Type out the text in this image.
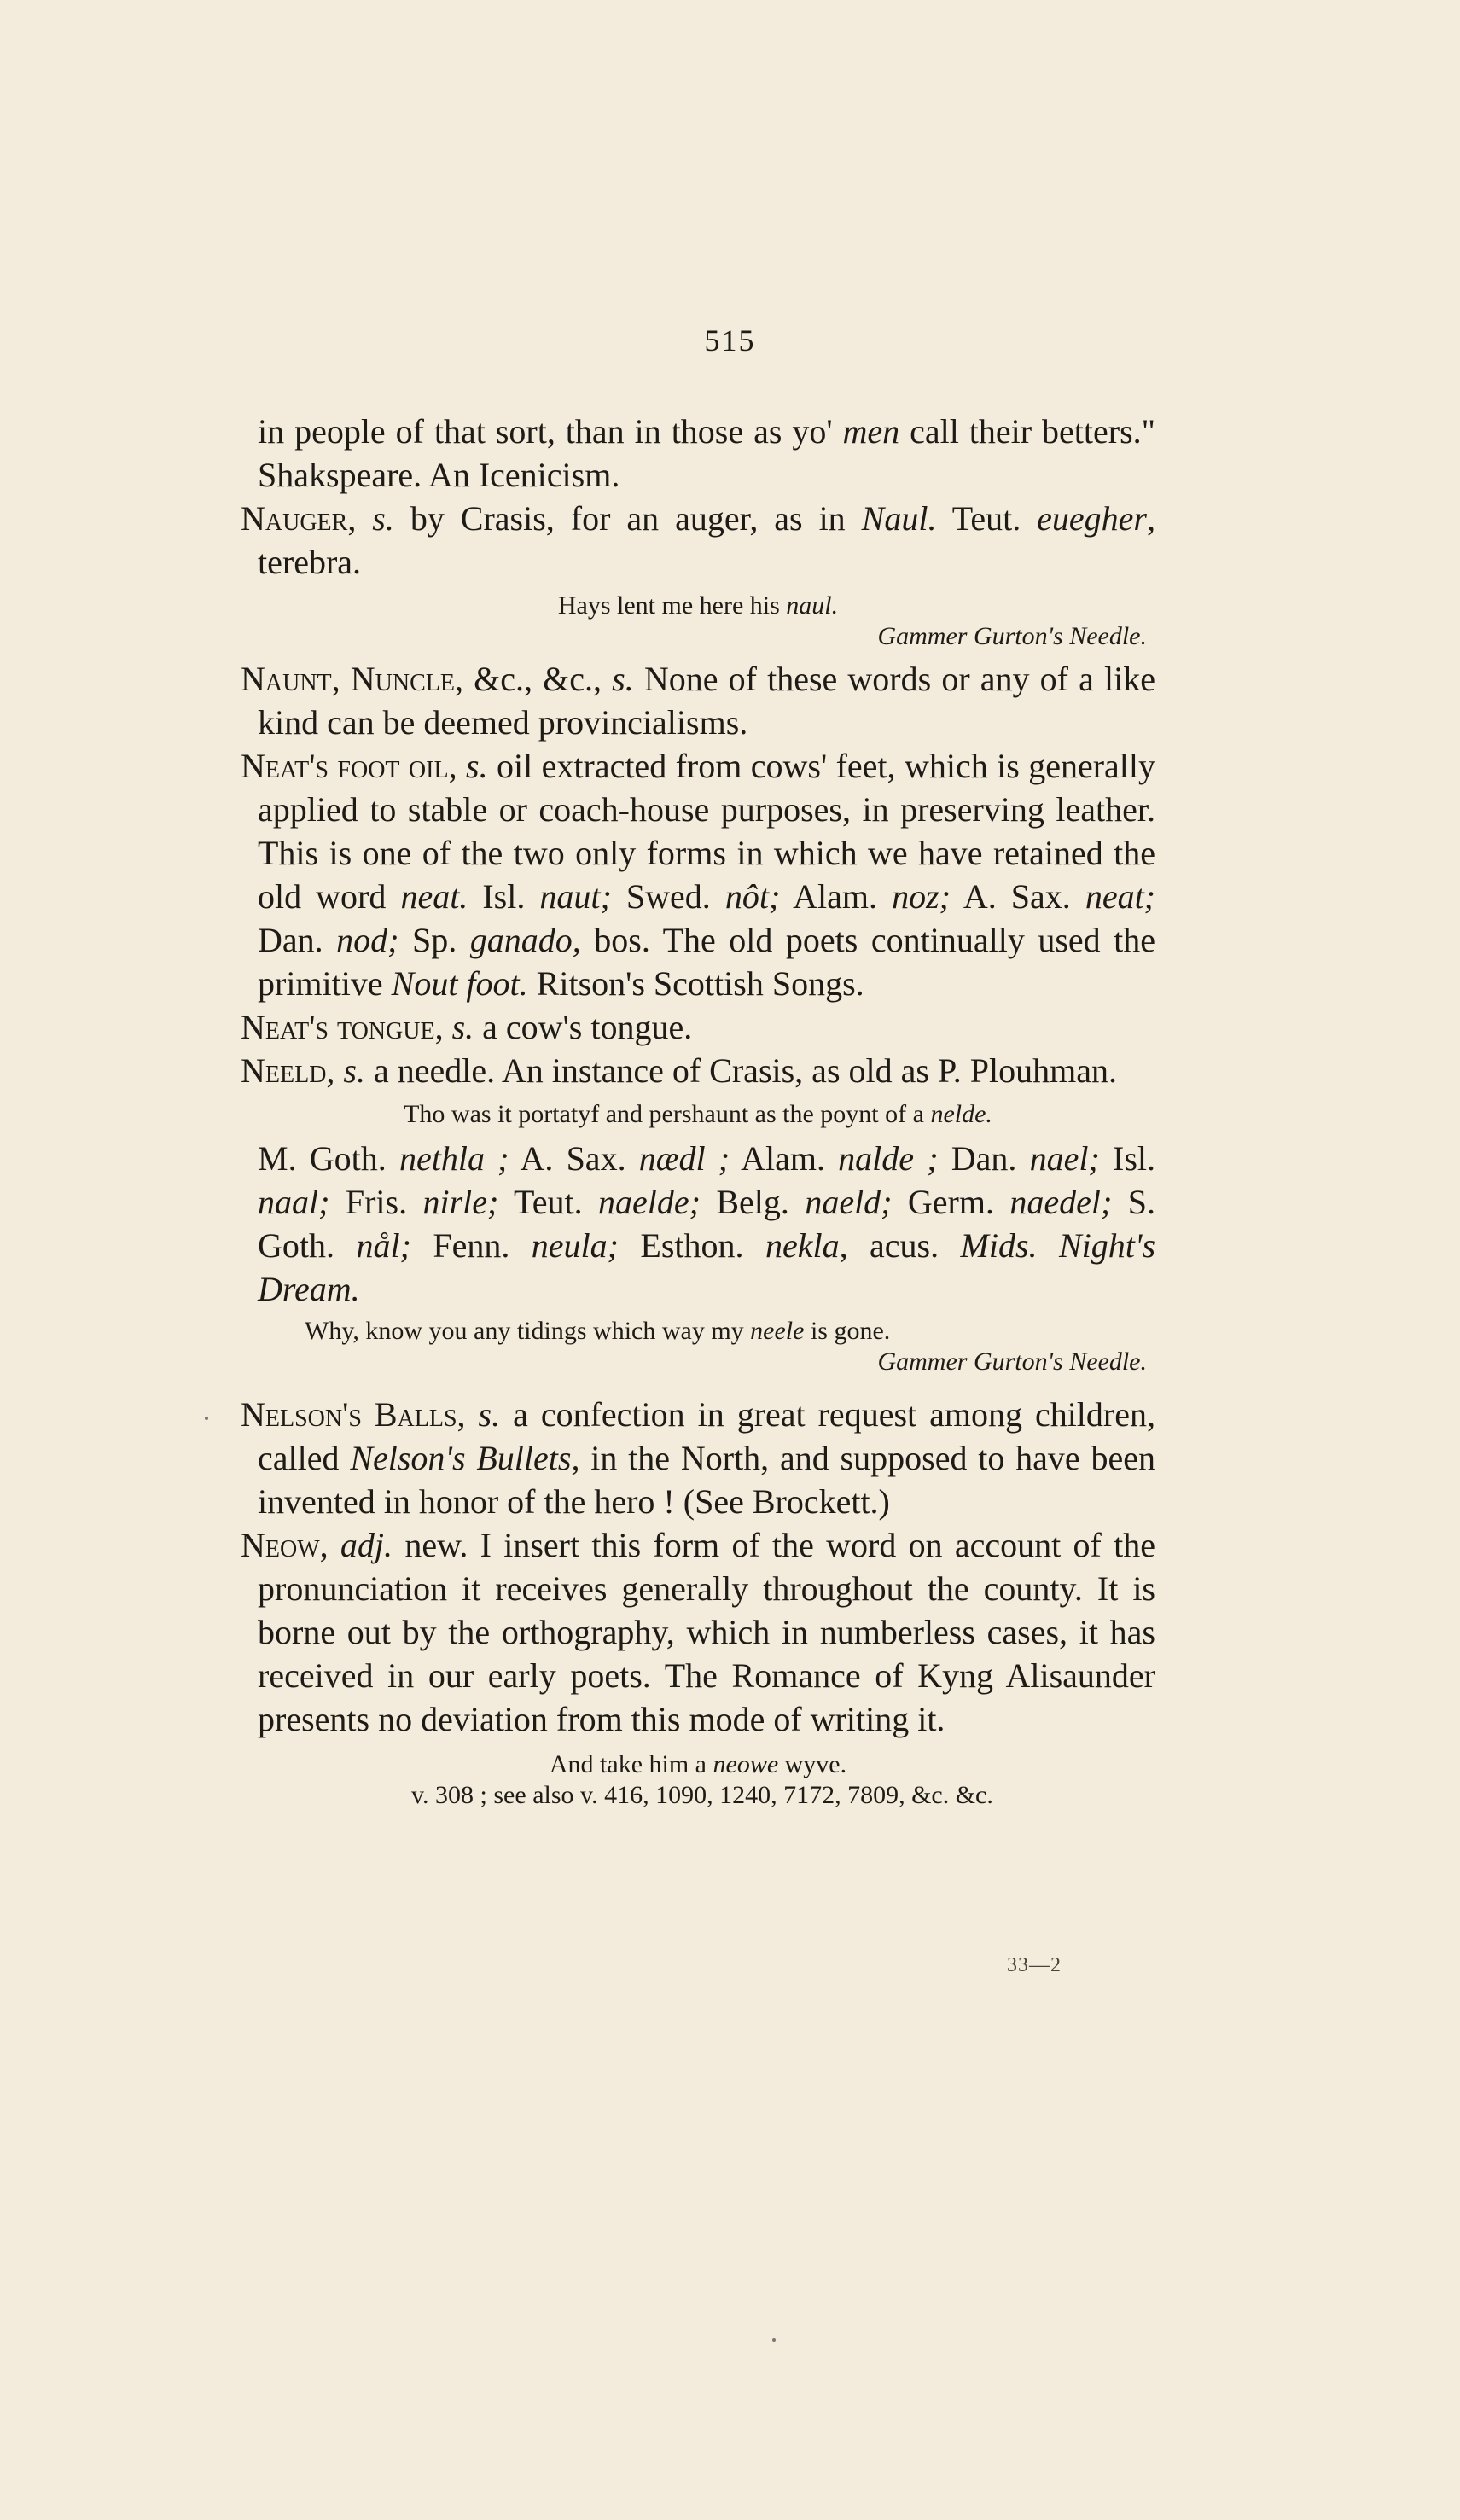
515

in people of that sort, than in those as yo' men call their betters." Shakspeare. An Icenicism.

Nauger, s. by Crasis, for an auger, as in Naul. Teut. euegher, terebra.

Hays lent me here his naul.

Gammer Gurton's Needle.

Naunt, Nuncle, &c., &c., s. None of these words or any of a like kind can be deemed provincialisms.

Neat's foot oil, s. oil extracted from cows' feet, which is generally applied to stable or coach-house purposes, in preserving leather. This is one of the two only forms in which we have retained the old word neat. Isl. naut; Swed. nôt; Alam. noz; A. Sax. neat; Dan. nod; Sp. ganado, bos. The old poets continually used the primitive Nout foot. Ritson's Scottish Songs.

Neat's tongue, s. a cow's tongue.

Neeld, s. a needle. An instance of Crasis, as old as P. Plouhman.

Tho was it portatyf and pershaunt as the poynt of a nelde.

M. Goth. nethla ; A. Sax. nædl ; Alam. nalde ; Dan. nael; Isl. naal; Fris. nirle; Teut. naelde; Belg. naeld; Germ. naedel; S. Goth. nål; Fenn. neula; Esthon. nekla, acus. Mids. Night's Dream.

Why, know you any tidings which way my neele is gone.

Gammer Gurton's Needle.

Nelson's Balls, s. a confection in great request among children, called Nelson's Bullets, in the North, and supposed to have been invented in honor of the hero ! (See Brockett.)

Neow, adj. new. I insert this form of the word on account of the pronunciation it receives generally throughout the county. It is borne out by the orthography, which in numberless cases, it has received in our early poets. The Romance of Kyng Alisaunder presents no deviation from this mode of writing it.

And take him a neowe wyve.

v. 308 ; see also v. 416, 1090, 1240, 7172, 7809, &c. &c.

33—2
